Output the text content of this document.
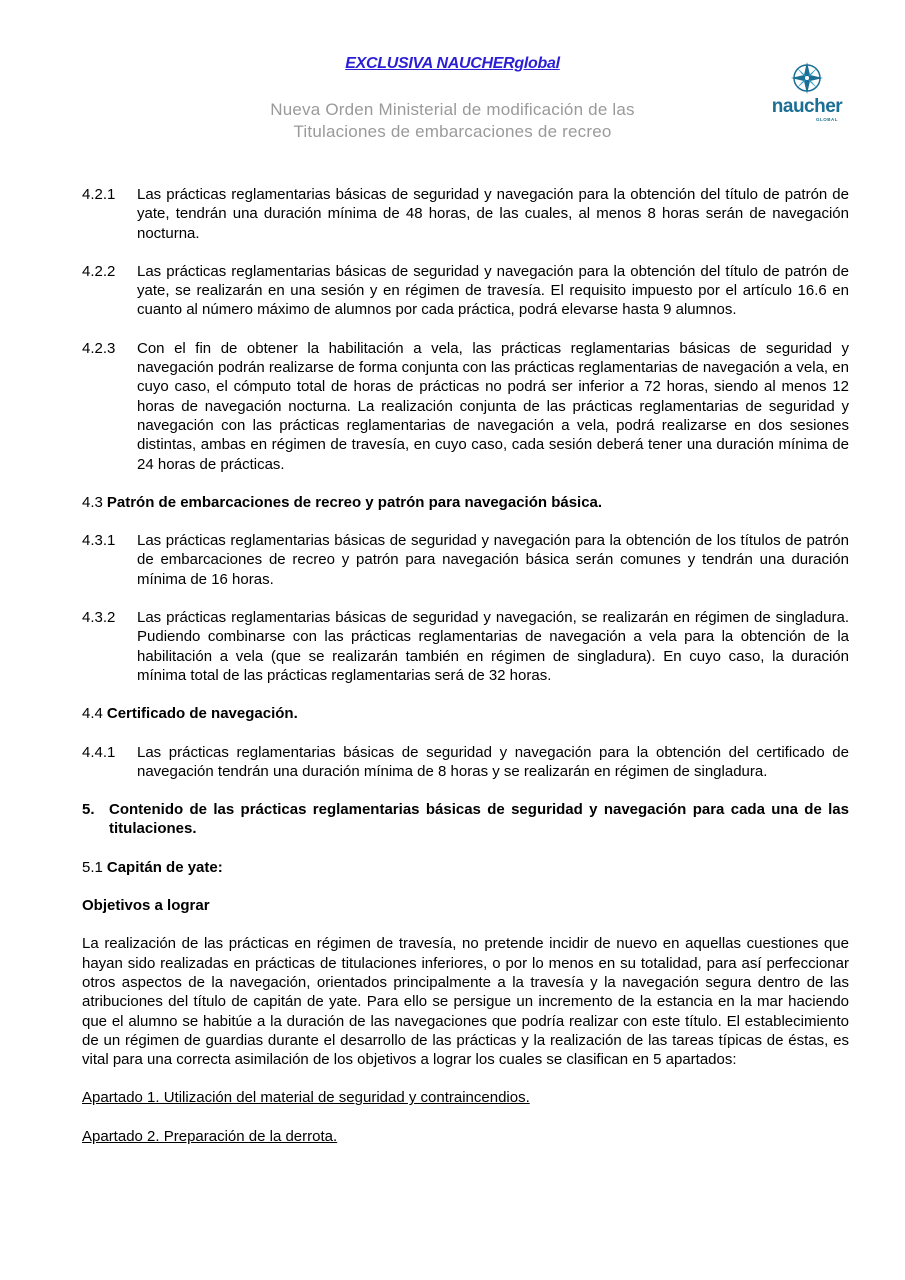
EXCLUSIVA NAUCHERglobal
Nueva Orden Ministerial de modificación de las
Titulaciones de embarcaciones de recreo
naucher
GLOBAL
4.2.1	Las prácticas reglamentarias básicas de seguridad y navegación para la obtención del título de patrón de yate, tendrán una duración mínima de 48 horas, de las cuales, al menos 8 horas serán de navegación nocturna.
4.2.2	Las prácticas reglamentarias básicas de seguridad y navegación para la obtención del título de patrón de yate, se realizarán en una sesión y en régimen de travesía. El requisito impuesto por el artículo 16.6 en cuanto al número máximo de alumnos por cada práctica, podrá elevarse hasta 9 alumnos.
4.2.3	Con el fin de obtener la habilitación a vela, las prácticas reglamentarias básicas de seguridad y navegación podrán realizarse de forma conjunta con las prácticas reglamentarias de navegación a vela, en cuyo caso, el cómputo total de horas de prácticas no podrá ser inferior a 72 horas, siendo al menos 12 horas de navegación nocturna. La realización conjunta de las prácticas reglamentarias de seguridad y navegación con las prácticas reglamentarias de navegación a vela, podrá realizarse en dos sesiones distintas, ambas en régimen de travesía, en cuyo caso, cada sesión deberá tener una duración mínima de 24 horas de prácticas.
4.3 Patrón de embarcaciones de recreo y patrón para navegación básica.
4.3.1	Las prácticas reglamentarias básicas de seguridad y navegación para la obtención de los títulos de patrón de embarcaciones de recreo y patrón para navegación básica serán comunes y tendrán una duración mínima de 16 horas.
4.3.2	Las prácticas reglamentarias básicas de seguridad y navegación, se realizarán en régimen de singladura. Pudiendo combinarse con las prácticas reglamentarias de navegación a vela para la obtención de la habilitación a vela (que se realizarán también en régimen de singladura). En cuyo caso, la duración mínima total de las prácticas reglamentarias será de 32 horas.
4.4 Certificado de navegación.
4.4.1	Las prácticas reglamentarias básicas de seguridad y navegación para la obtención del certificado de navegación tendrán una duración mínima de 8 horas y se realizarán en régimen de singladura.
5. Contenido de las prácticas reglamentarias básicas de seguridad y navegación para cada una de las titulaciones.
5.1 Capitán de yate:
Objetivos a lograr
La realización de las prácticas en régimen de travesía, no pretende incidir de nuevo en aquellas cuestiones que hayan sido realizadas en prácticas de titulaciones inferiores, o por lo menos en su totalidad, para así perfeccionar otros aspectos de la navegación, orientados principalmente a la travesía y la navegación segura dentro de las atribuciones del título de capitán de yate. Para ello se persigue un incremento de la estancia en la mar haciendo que el alumno se habitúe a la duración de las navegaciones que podría realizar con este título. El establecimiento de un régimen de guardias durante el desarrollo de las prácticas y la realización de las tareas típicas de éstas, es vital para una correcta asimilación de los objetivos a lograr los cuales se clasifican en 5 apartados:
Apartado 1. Utilización del material de seguridad y contraincendios.
Apartado 2. Preparación de la derrota.
